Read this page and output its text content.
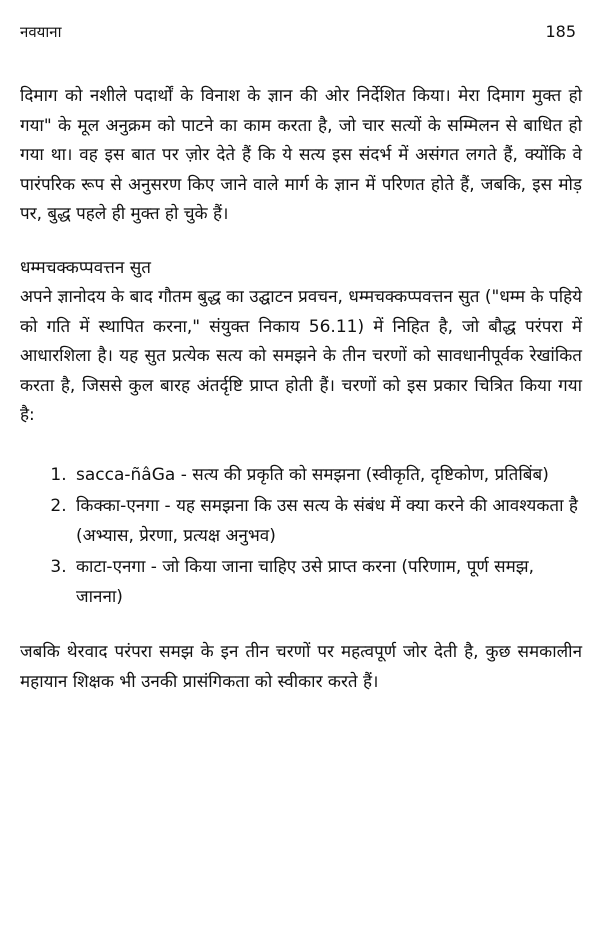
नवयाना	185

दिमाग को नशीले पदार्थों के विनाश के ज्ञान की ओर निर्देशित किया। मेरा दिमाग मुक्त हो गया" के मूल अनुक्रम को पाटने का काम करता है, जो चार सत्यों के सम्मिलन से बाधित हो गया था। वह इस बात पर ज़ोर देते हैं कि ये सत्य इस संदर्भ में असंगत लगते हैं, क्योंकि वे पारंपरिक रूप से अनुसरण किए जाने वाले मार्ग के ज्ञान में परिणत होते हैं, जबकि, इस मोड़ पर, बुद्ध पहले ही मुक्त हो चुके हैं।

धम्मचक्कप्पवत्तन सुत

अपने ज्ञानोदय के बाद गौतम बुद्ध का उद्घाटन प्रवचन, धम्मचक्कप्पवत्तन सुत ("धम्म के पहिये को गति में स्थापित करना," संयुक्त निकाय 56.11) में निहित है, जो बौद्ध परंपरा में आधारशिला है। यह सुत प्रत्येक सत्य को समझने के तीन चरणों को सावधानीपूर्वक रेखांकित करता है, जिससे कुल बारह अंतर्दृष्टि प्राप्त होती हैं। चरणों को इस प्रकार चित्रित किया गया है:

1. sacca-ñâGa - सत्य की प्रकृति को समझना (स्वीकृति, दृष्टिकोण, प्रतिबिंब)
2. किक्का-एनगा - यह समझना कि उस सत्य के संबंध में क्या करने की आवश्यकता है (अभ्यास, प्रेरणा, प्रत्यक्ष अनुभव)
3. काटा-एनगा - जो किया जाना चाहिए उसे प्राप्त करना (परिणाम, पूर्ण समझ, जानना)

जबकि थेरवाद परंपरा समझ के इन तीन चरणों पर महत्वपूर्ण जोर देती है, कुछ समकालीन महायान शिक्षक भी उनकी प्रासंगिकता को स्वीकार करते हैं।
